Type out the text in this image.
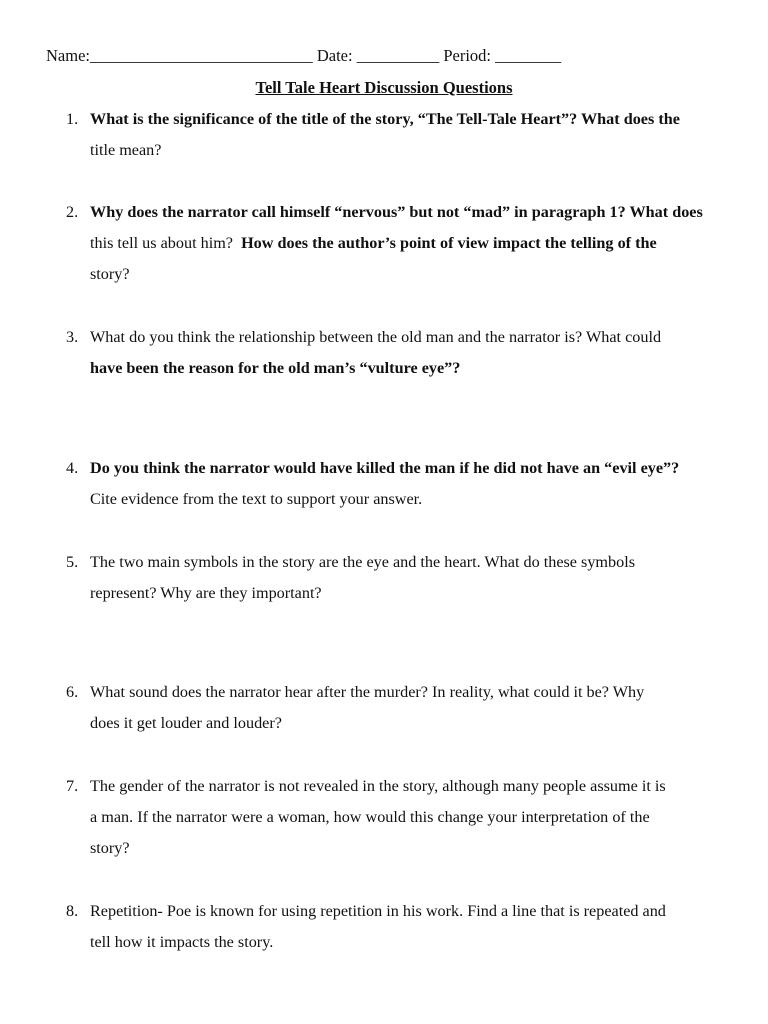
Name:___________________________ Date: __________ Period: ________
Tell Tale Heart Discussion Questions
1. What is the significance of the title of the story, “The Tell-Tale Heart”? What does the
title mean?
2. Why does the narrator call himself “nervous” but not “mad” in paragraph 1? What does
this tell us about him? How does the author’s point of view impact the telling of the
story?
3. What do you think the relationship between the old man and the narrator is? What could
have been the reason for the old man’s “vulture eye”?
4. Do you think the narrator would have killed the man if he did not have an “evil eye”?
Cite evidence from the text to support your answer.
5. The two main symbols in the story are the eye and the heart. What do these symbols
represent? Why are they important?
6. What sound does the narrator hear after the murder? In reality, what could it be? Why
does it get louder and louder?
7. The gender of the narrator is not revealed in the story, although many people assume it is
a man. If the narrator were a woman, how would this change your interpretation of the
story?
8. Repetition- Poe is known for using repetition in his work. Find a line that is repeated and
tell how it impacts the story.
